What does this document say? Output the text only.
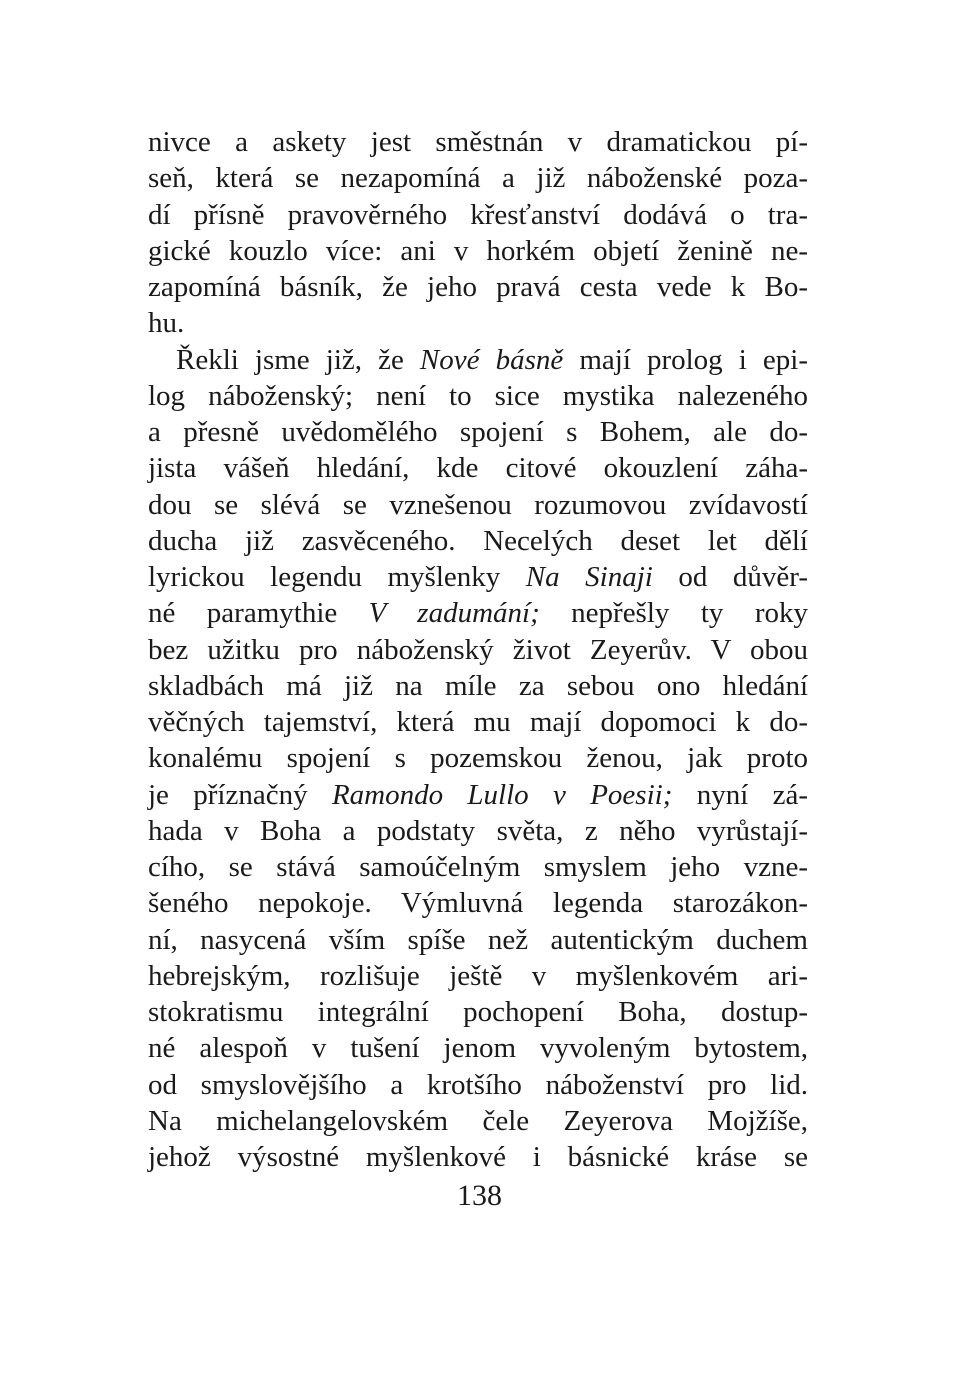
nivce a askety jest směstnán v dramatickou pí-
seň, která se nezapomíná a již náboženské poza-
dí přísně pravověrného křesťanství dodává o tra-
gické kouzlo více: ani v horkém objetí ženině ne-
zapomíná básník, že jeho pravá cesta vede k Bo-
hu.
Řekli jsme již, že Nové básně mají prolog i epi-
log náboženský; není to sice mystika nalezeného
a přesně uvědomělého spojení s Bohem, ale do-
jista vášeň hledání, kde citové okouzlení záha-
dou se slévá se vznešenou rozumovou zvídavostí
ducha již zasvěceného. Necelých deset let dělí
lyrickou legendu myšlenky Na Sinaji od důvěr-
né paramythie V zadumání; nepřešly ty roky
bez užitku pro náboženský život Zeyerův. V obou
skladbách má již na míle za sebou ono hledání
věčných tajemství, která mu mají dopomoci k do-
konalému spojení s pozemskou ženou, jak proto
je příznačný Ramondo Lullo v Poesii; nyní zá-
hada v Boha a podstaty světa, z něho vyrůstají-
cího, se stává samoúčelným smyslem jeho vzne-
šeného nepokoje. Výmluvná legenda starozákon-
ní, nasycená vším spíše než autentickým duchem
hebrejským, rozlišuje ještě v myšlenkovém ari-
stokratismu integrální pochopení Boha, dostup-
né alespoň v tušení jenom vyvoleným bytostem,
od smyslovějšího a krotšího náboženství pro lid.
Na michelangelovském čele Zeyerova Mojžíše,
jehož výsostné myšlenkové i básnické kráse se
138
